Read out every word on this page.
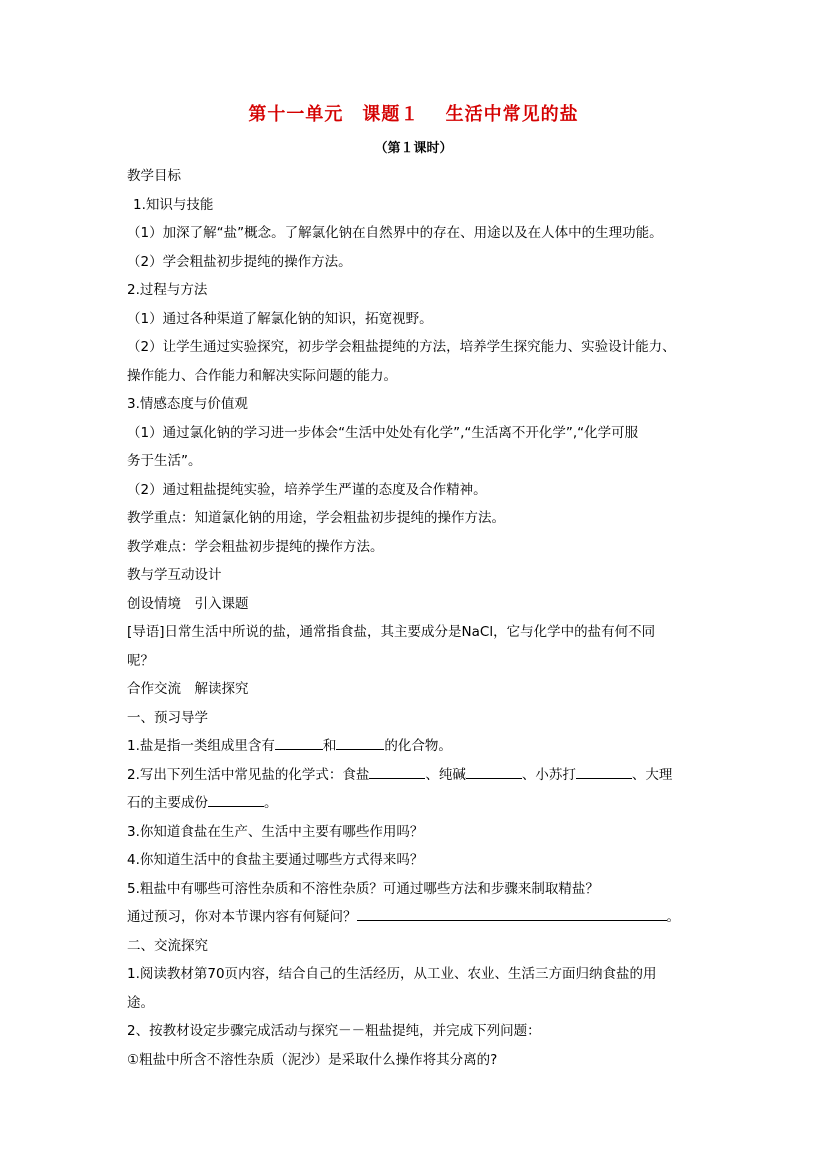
第十一单元　课题１　 生活中常见的盐
（第１课时）
教学目标
1.知识与技能
（1）加深了解“盐”概念。了解氯化钠在自然界中的存在、用途以及在人体中的生理功能。
（2）学会粗盐初步提纯的操作方法。
2.过程与方法
（1）通过各种渠道了解氯化钠的知识，拓宽视野。
（2）让学生通过实验探究，初步学会粗盐提纯的方法，培养学生探究能力、实验设计能力、
操作能力、合作能力和解决实际问题的能力。
3.情感态度与价值观
（1）通过氯化钠的学习进一步体会“生活中处处有化学”,“生活离不开化学”,“化学可服
务于生活”。
（2）通过粗盐提纯实验，培养学生严谨的态度及合作精神。
教学重点：知道氯化钠的用途，学会粗盐初步提纯的操作方法。
教学难点：学会粗盐初步提纯的操作方法。
教与学互动设计
创设情境　引入课题
[导语]日常生活中所说的盐，通常指食盐，其主要成分是NaCl，它与化学中的盐有何不同
呢？
合作交流　解读探究
一、预习导学
1.盐是指一类组成里含有	和	的化合物。
2.写出下列生活中常见盐的化学式：食盐	、纯碱	、小苏打	、大理
石的主要成份	。
3.你知道食盐在生产、生活中主要有哪些作用吗？
4.你知道生活中的食盐主要通过哪些方式得来吗？
5.粗盐中有哪些可溶性杂质和不溶性杂质？可通过哪些方法和步骤来制取精盐？
通过预习，你对本节课内容有何疑问？	。
二、交流探究
1.阅读教材第70页内容，结合自己的生活经历，从工业、农业、生活三方面归纳食盐的用
途。
2、按教材设定步骤完成活动与探究－－粗盐提纯，并完成下列问题：
①粗盐中所含不溶性杂质（泥沙）是采取什么操作将其分离的?
